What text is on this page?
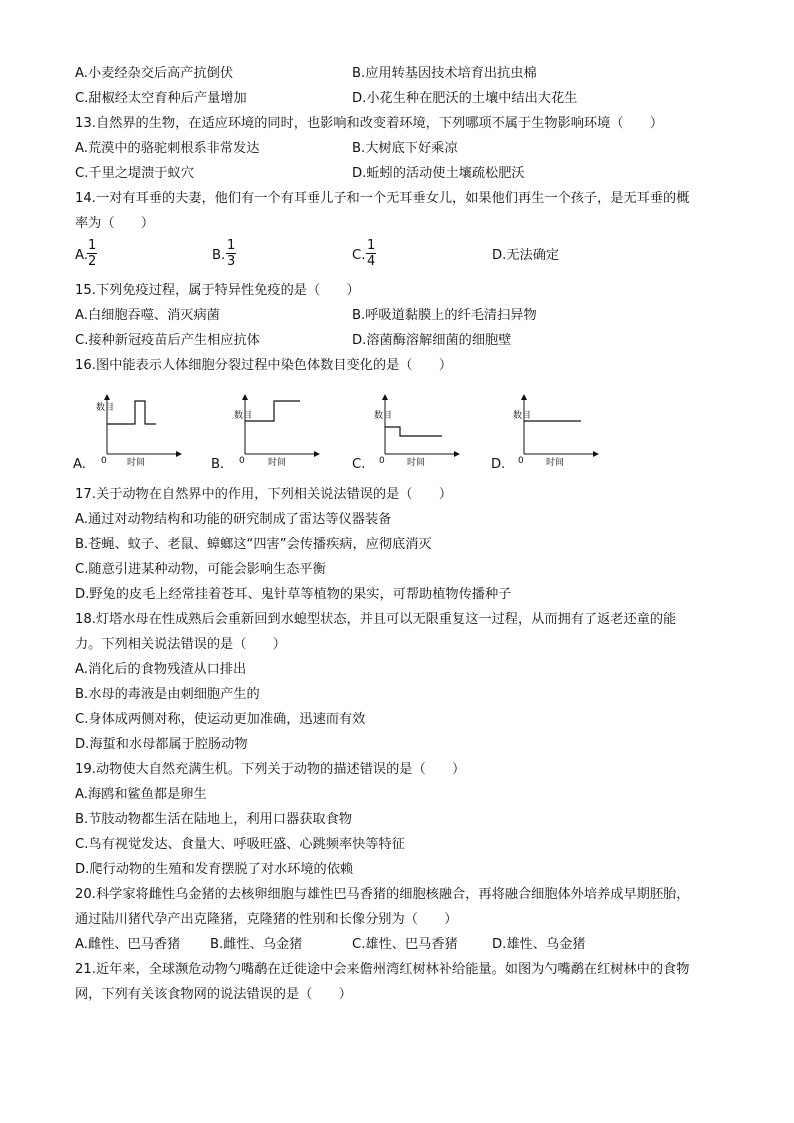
A.小麦经杂交后高产抗倒伏	B.应用转基因技术培育出抗虫棉
C.甜椒经太空育种后产量增加	D.小花生种在肥沃的土壤中结出大花生
13.自然界的生物，在适应环境的同时，也影响和改变着环境，下列哪项不属于生物影响环境（　　）
A.荒漠中的骆驼刺根系非常发达	B.大树底下好乘凉
C.千里之堤溃于蚁穴	D.蚯蚓的活动使土壤疏松肥沃
14.一对有耳垂的夫妻，他们有一个有耳垂儿子和一个无耳垂女儿，如果他们再生一个孩子，是无耳垂的概
率为（　　）
A. $\frac{1}{2}$	B. $\frac{1}{3}$	C. $\frac{1}{4}$	D.无法确定
15.下列免疫过程，属于特异性免疫的是（　　）
A.白细胞吞噬、消灭病菌	B.呼吸道黏膜上的纤毛清扫异物
C.接种新冠疫苗后产生相应抗体	D.溶菌酶溶解细菌的细胞壁
16.图中能表示人体细胞分裂过程中染色体数目变化的是（　　）
A.	B.	C.	D.
数目
0 时间
数目
0	时间
数目
0 时间
数目
0 时间
17.关于动物在自然界中的作用，下列相关说法错误的是（　　）
A.通过对动物结构和功能的研究制成了雷达等仪器装备
B.苍蝇、蚊子、老鼠、蟑螂这“四害”会传播疾病，应彻底消灭
C.随意引进某种动物，可能会影响生态平衡
D.野兔的皮毛上经常挂着苍耳、鬼针草等植物的果实，可帮助植物传播种子
18.灯塔水母在性成熟后会重新回到水螅型状态，并且可以无限重复这一过程，从而拥有了返老还童的能
力。下列相关说法错误的是（　　）
A.消化后的食物残渣从口排出
B.水母的毒液是由刺细胞产生的
C.身体成两侧对称，使运动更加准确，迅速而有效
D.海蜇和水母都属于腔肠动物
19.动物使大自然充满生机。下列关于动物的描述错误的是（　　）
A.海鸥和鲨鱼都是卵生
B.节肢动物都生活在陆地上，利用口器获取食物
C.鸟有视觉发达、食量大、呼吸旺盛、心跳频率快等特征
D.爬行动物的生殖和发育摆脱了对水环境的依赖
20.科学家将雌性乌金猪的去核卵细胞与雄性巴马香猪的细胞核融合，再将融合细胞体外培养成早期胚胎，
通过陆川猪代孕产出克隆猪，克隆猪的性别和长像分别为（　　）
A.雌性、巴马香猪 B.雌性、乌金猪	C.雄性、巴马香猪	D.雄性、乌金猪
21.近年来，全球濒危动物勺嘴鹬在迁徙途中会来儋州湾红树林补给能量。如图为勺嘴鹬在红树林中的食物
网，下列有关该食物网的说法错误的是（　　）
